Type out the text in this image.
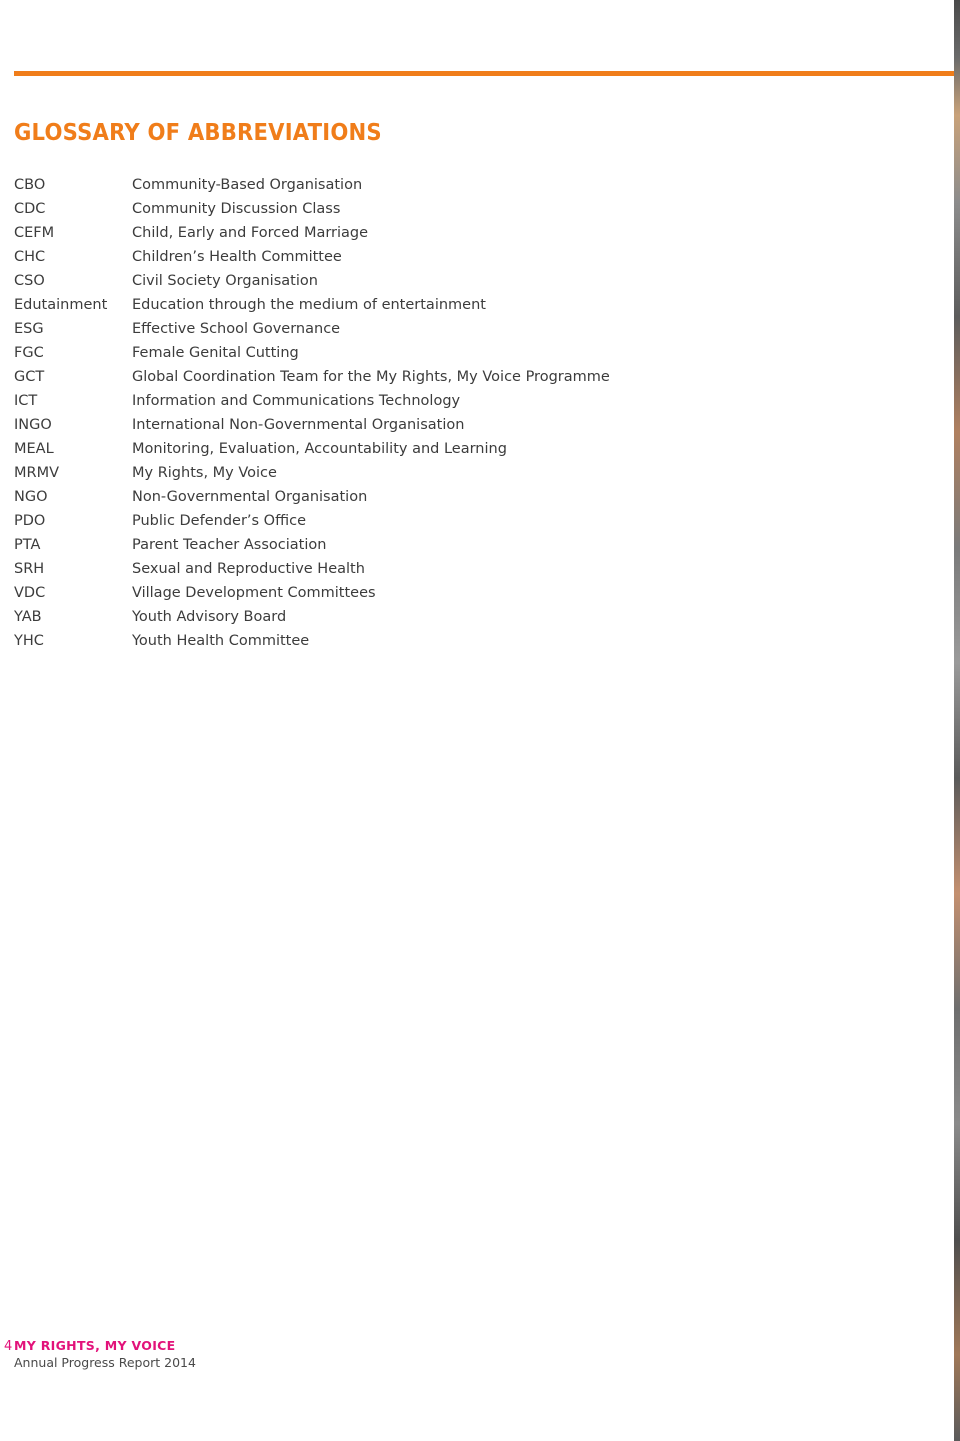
GLOSSARY OF ABBREVIATIONS
CBO	Community-Based Organisation
CDC	Community Discussion Class
CEFM	Child, Early and Forced Marriage
CHC	Children’s Health Committee
CSO	Civil Society Organisation
Edutainment	Education through the medium of entertainment
ESG	Effective School Governance
FGC	Female Genital Cutting
GCT	Global Coordination Team for the My Rights, My Voice Programme
ICT	Information and Communications Technology
INGO	International Non-Governmental Organisation
MEAL	Monitoring, Evaluation, Accountability and Learning
MRMV	My Rights, My Voice
NGO	Non-Governmental Organisation
PDO	Public Defender’s Office
PTA	Parent Teacher Association
SRH	Sexual and Reproductive Health
VDC	Village Development Committees
YAB	Youth Advisory Board
YHC	Youth Health Committee
4 MY RIGHTS, MY VOICE
Annual Progress Report 2014
